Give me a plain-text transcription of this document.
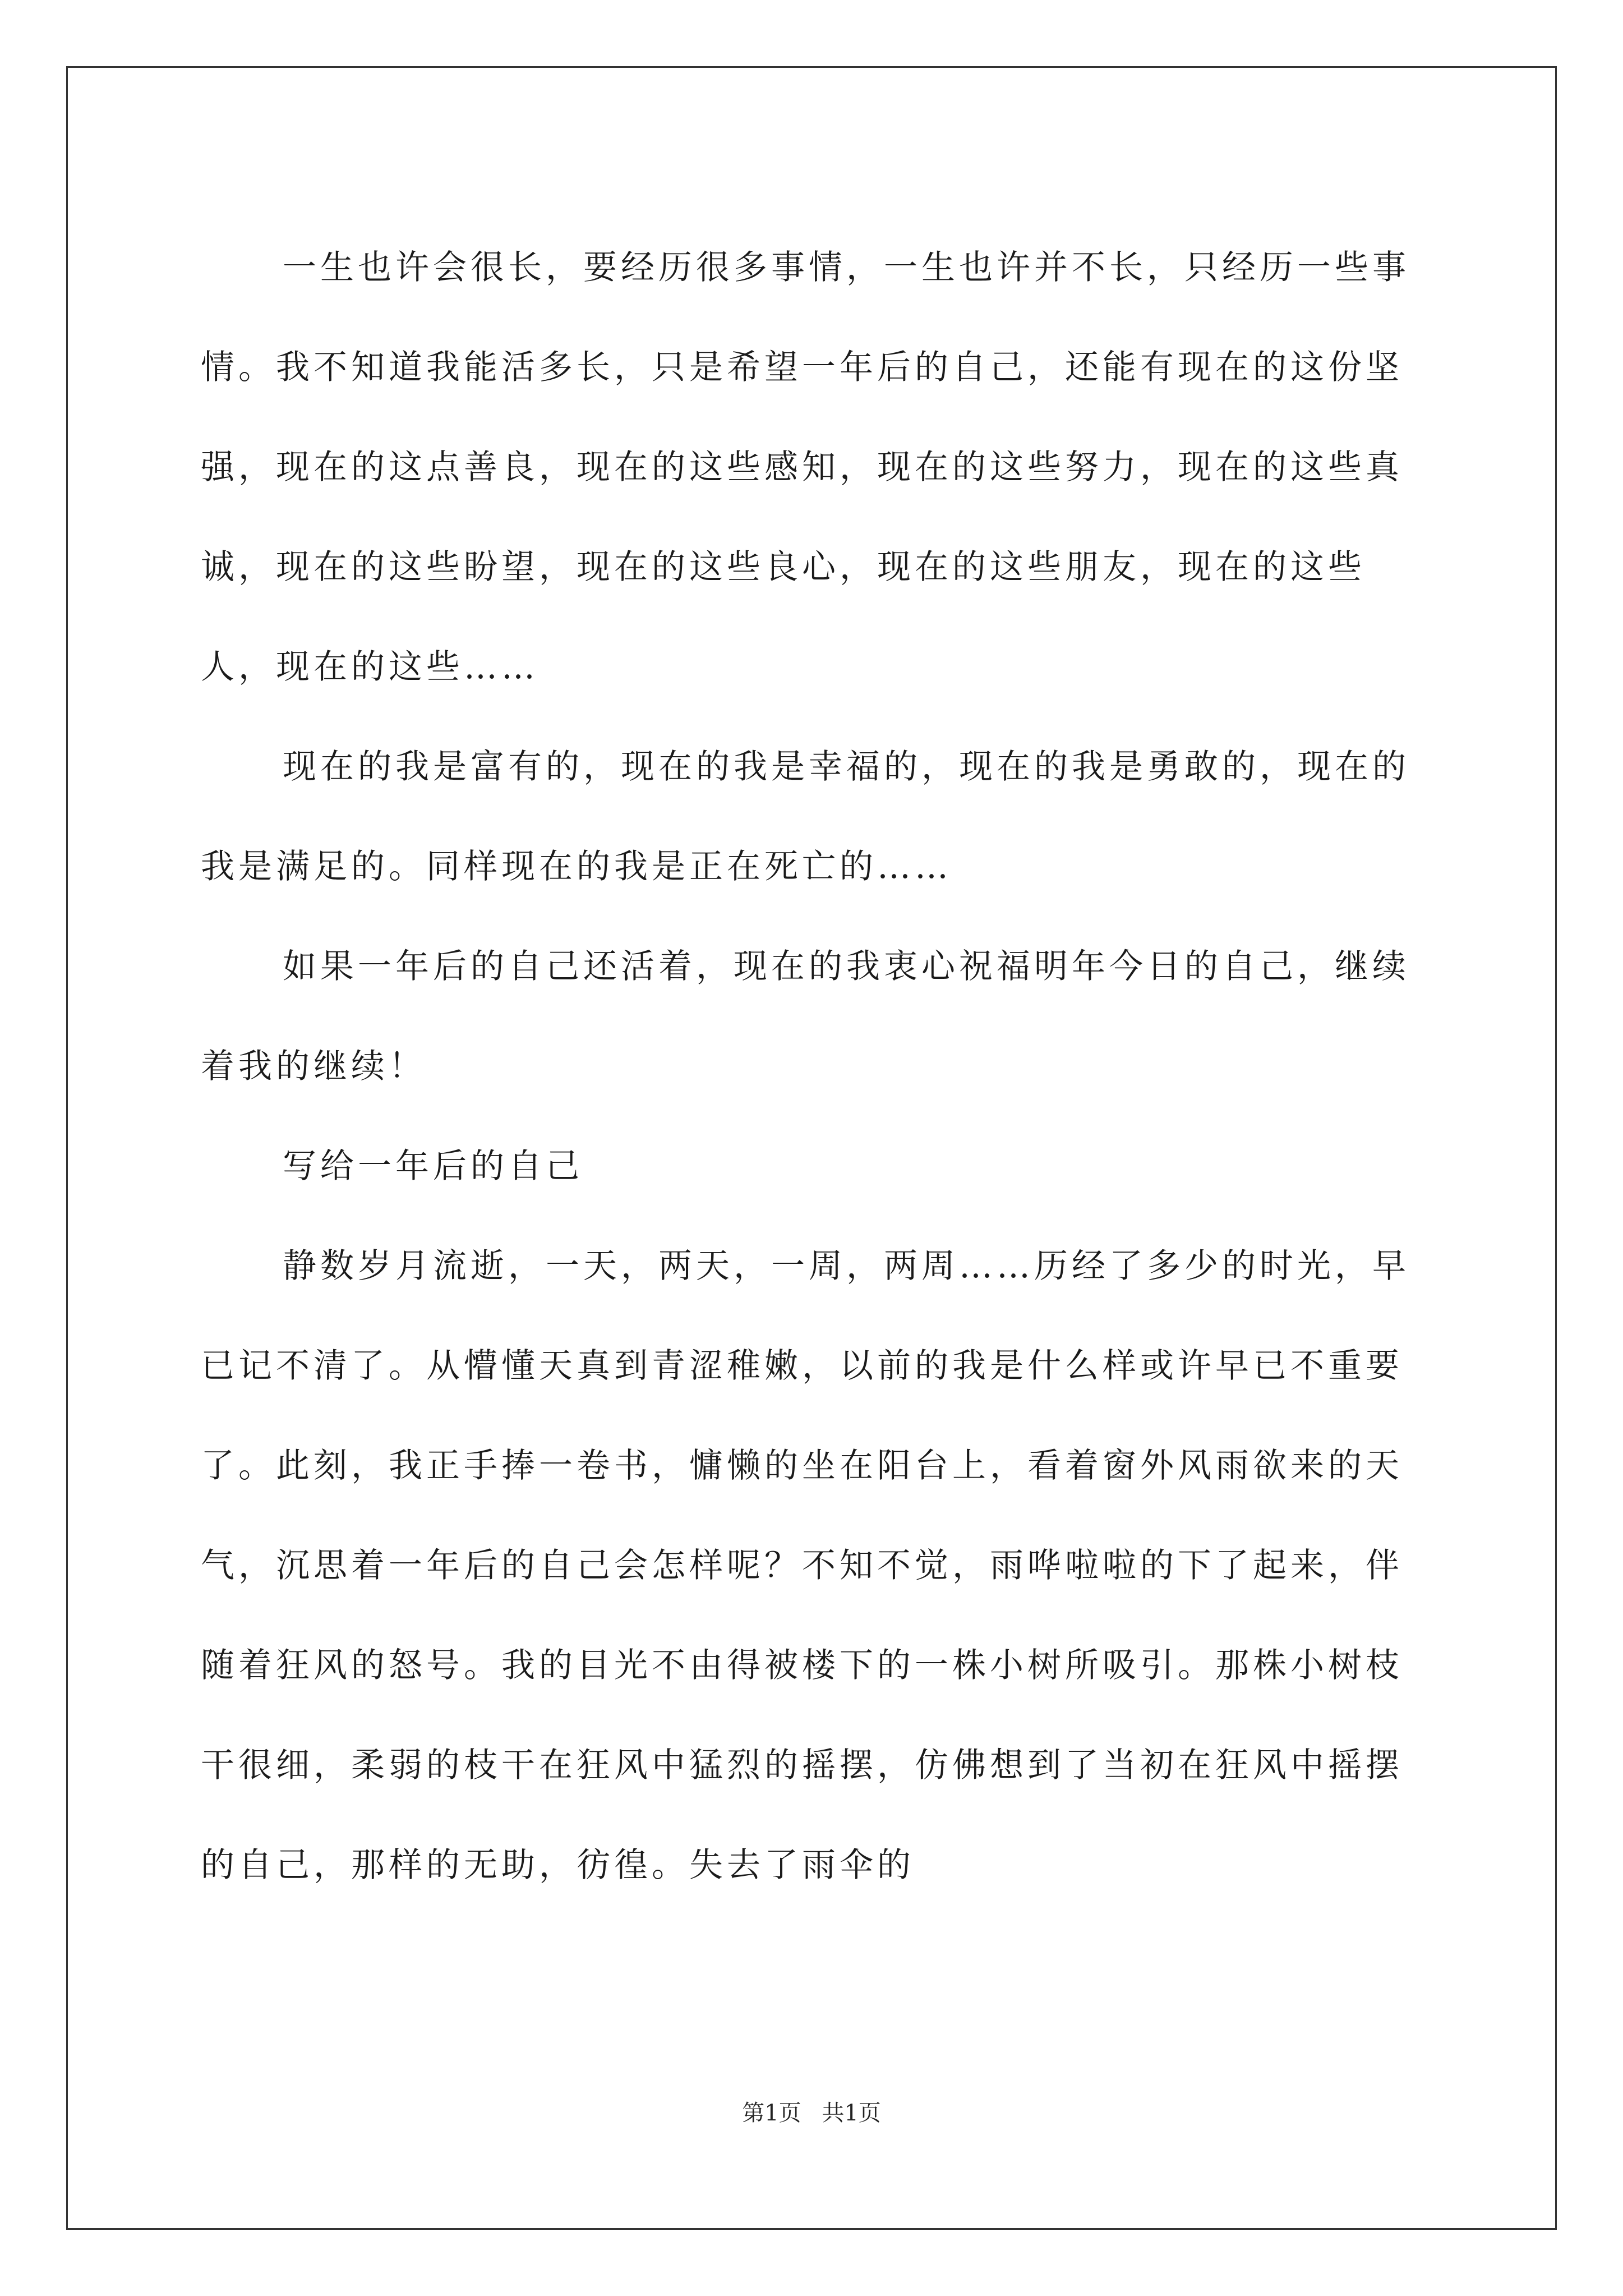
一生也许会很长，要经历很多事情，一生也许并不长，只经历一些事情。我不知道我能活多长，只是希望一年后的自己，还能有现在的这份坚强，现在的这点善良，现在的这些感知，现在的这些努力，现在的这些真诚，现在的这些盼望，现在的这些良心，现在的这些朋友，现在的这些人，现在的这些……

现在的我是富有的，现在的我是幸福的，现在的我是勇敢的，现在的我是满足的。同样现在的我是正在死亡的……

如果一年后的自己还活着，现在的我衷心祝福明年今日的自己，继续着我的继续！

写给一年后的自己

静数岁月流逝，一天，两天，一周，两周……历经了多少的时光，早已记不清了。从懵懂天真到青涩稚嫩，以前的我是什么样或许早已不重要了。此刻，我正手捧一卷书，慵懒的坐在阳台上，看着窗外风雨欲来的天气，沉思着一年后的自己会怎样呢？不知不觉，雨哗啦啦的下了起来，伴随着狂风的怒号。我的目光不由得被楼下的一株小树所吸引。那株小树枝干很细，柔弱的枝干在狂风中猛烈的摇摆，仿佛想到了当初在狂风中摇摆的自己，那样的无助，彷徨。失去了雨伞的

第1页 共1页
